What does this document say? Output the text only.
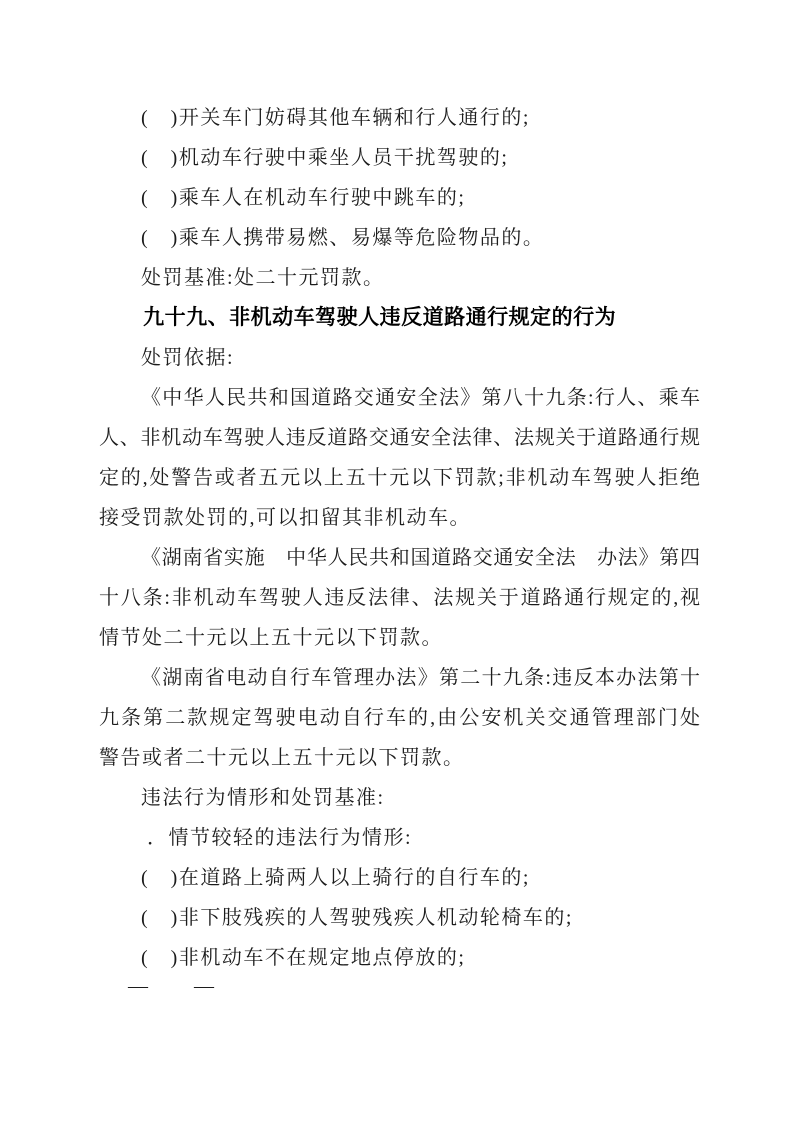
(　)开关车门妨碍其他车辆和行人通行的;
(　)机动车行驶中乘坐人员干扰驾驶的;
(　)乘车人在机动车行驶中跳车的;
(　)乘车人携带易燃、易爆等危险物品的。
处罚基准:处二十元罚款。
九十九、非机动车驾驶人违反道路通行规定的行为
处罚依据:
《中华人民共和国道路交通安全法》第八十九条:行人、乘车
人、非机动车驾驶人违反道路交通安全法律、法规关于道路通行规
定的,处警告或者五元以上五十元以下罚款;非机动车驾驶人拒绝
接受罚款处罚的,可以扣留其非机动车。
《湖南省实施　中华人民共和国道路交通安全法　办法》第四
十八条:非机动车驾驶人违反法律、法规关于道路通行规定的,视
情节处二十元以上五十元以下罚款。
《湖南省电动自行车管理办法》第二十九条:违反本办法第十
九条第二款规定驾驶电动自行车的,由公安机关交通管理部门处
警告或者二十元以上五十元以下罚款。
违法行为情形和处罚基准:
．情节较轻的违法行为情形:
(　)在道路上骑两人以上骑行的自行车的;
(　)非下肢残疾的人驾驶残疾人机动轮椅车的;
(　)非机动车不在规定地点停放的;
— —
